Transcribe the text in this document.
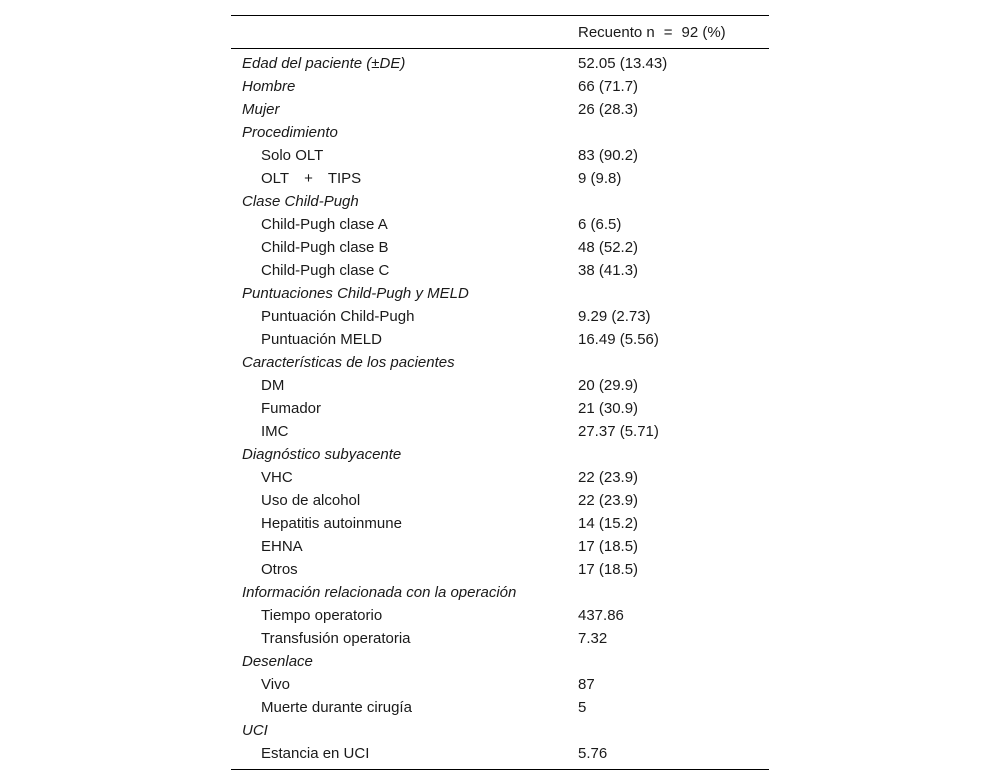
	Recuento n   =   92 (%)
Edad del paciente (±DE)	52.05 (13.43)
Hombre	66 (71.7)
Mujer	26 (28.3)
Procedimiento	
Solo OLT	83 (90.2)
OLT     +     TIPS	9 (9.8)
Clase Child-Pugh	
Child-Pugh clase A	6 (6.5)
Child-Pugh clase B	48 (52.2)
Child-Pugh clase C	38 (41.3)
Puntuaciones Child-Pugh y MELD	
Puntuación Child-Pugh	9.29 (2.73)
Puntuación MELD	16.49 (5.56)
Características de los pacientes	
DM	20 (29.9)
Fumador	21 (30.9)
IMC	27.37 (5.71)
Diagnóstico subyacente	
VHC	22 (23.9)
Uso de alcohol	22 (23.9)
Hepatitis autoinmune	14 (15.2)
EHNA	17 (18.5)
Otros	17 (18.5)
Información relacionada con la operación	
Tiempo operatorio	437.86
Transfusión operatoria	7.32
Desenlace	
Vivo	87
Muerte durante cirugía	5
UCI	
Estancia en UCI	5.76
